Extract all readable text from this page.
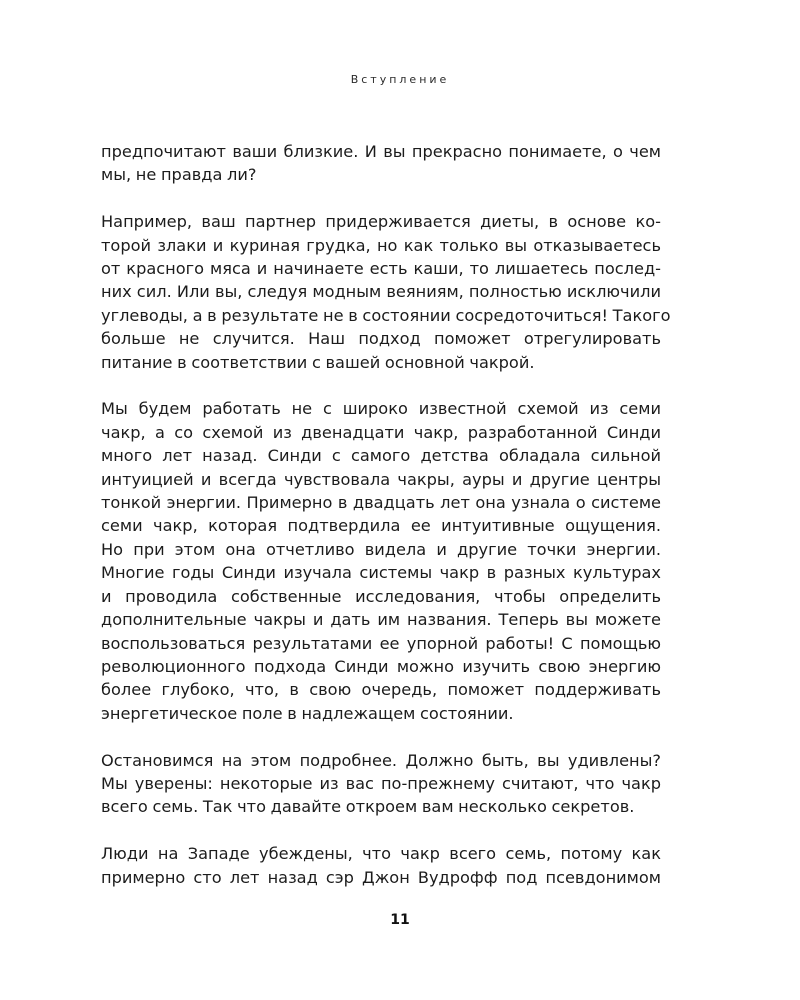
Вступление
предпочитают ваши близкие. И вы прекрасно понимаете, о чем
мы, не правда ли?
Например, ваш партнер придерживается диеты, в основе ко-
торой злаки и куриная грудка, но как только вы отказываетесь
от красного мяса и начинаете есть каши, то лишаетесь послед-
них сил. Или вы, следуя модным веяниям, полностью исключили
углеводы, а в результате не в состоянии сосредоточиться! Такого
больше не случится. Наш подход поможет отрегулировать
питание в соответствии с вашей основной чакрой.
Мы будем работать не с широко известной схемой из семи
чакр, а со схемой из двенадцати чакр, разработанной Синди
много лет назад. Синди с самого детства обладала сильной
интуицией и всегда чувствовала чакры, ауры и другие центры
тонкой энергии. Примерно в двадцать лет она узнала о системе
семи чакр, которая подтвердила ее интуитивные ощущения.
Но при этом она отчетливо видела и другие точки энергии.
Многие годы Синди изучала системы чакр в разных культурах
и проводила собственные исследования, чтобы определить
дополнительные чакры и дать им названия. Теперь вы можете
воспользоваться результатами ее упорной работы! С помощью
революционного подхода Синди можно изучить свою энергию
более глубоко, что, в свою очередь, поможет поддерживать
энергетическое поле в надлежащем состоянии.
Остановимся на этом подробнее. Должно быть, вы удивлены?
Мы уверены: некоторые из вас по-прежнему считают, что чакр
всего семь. Так что давайте откроем вам несколько секретов.
Люди на Западе убеждены, что чакр всего семь, потому как
примерно сто лет назад сэр Джон Вудрофф под псевдонимом
11
